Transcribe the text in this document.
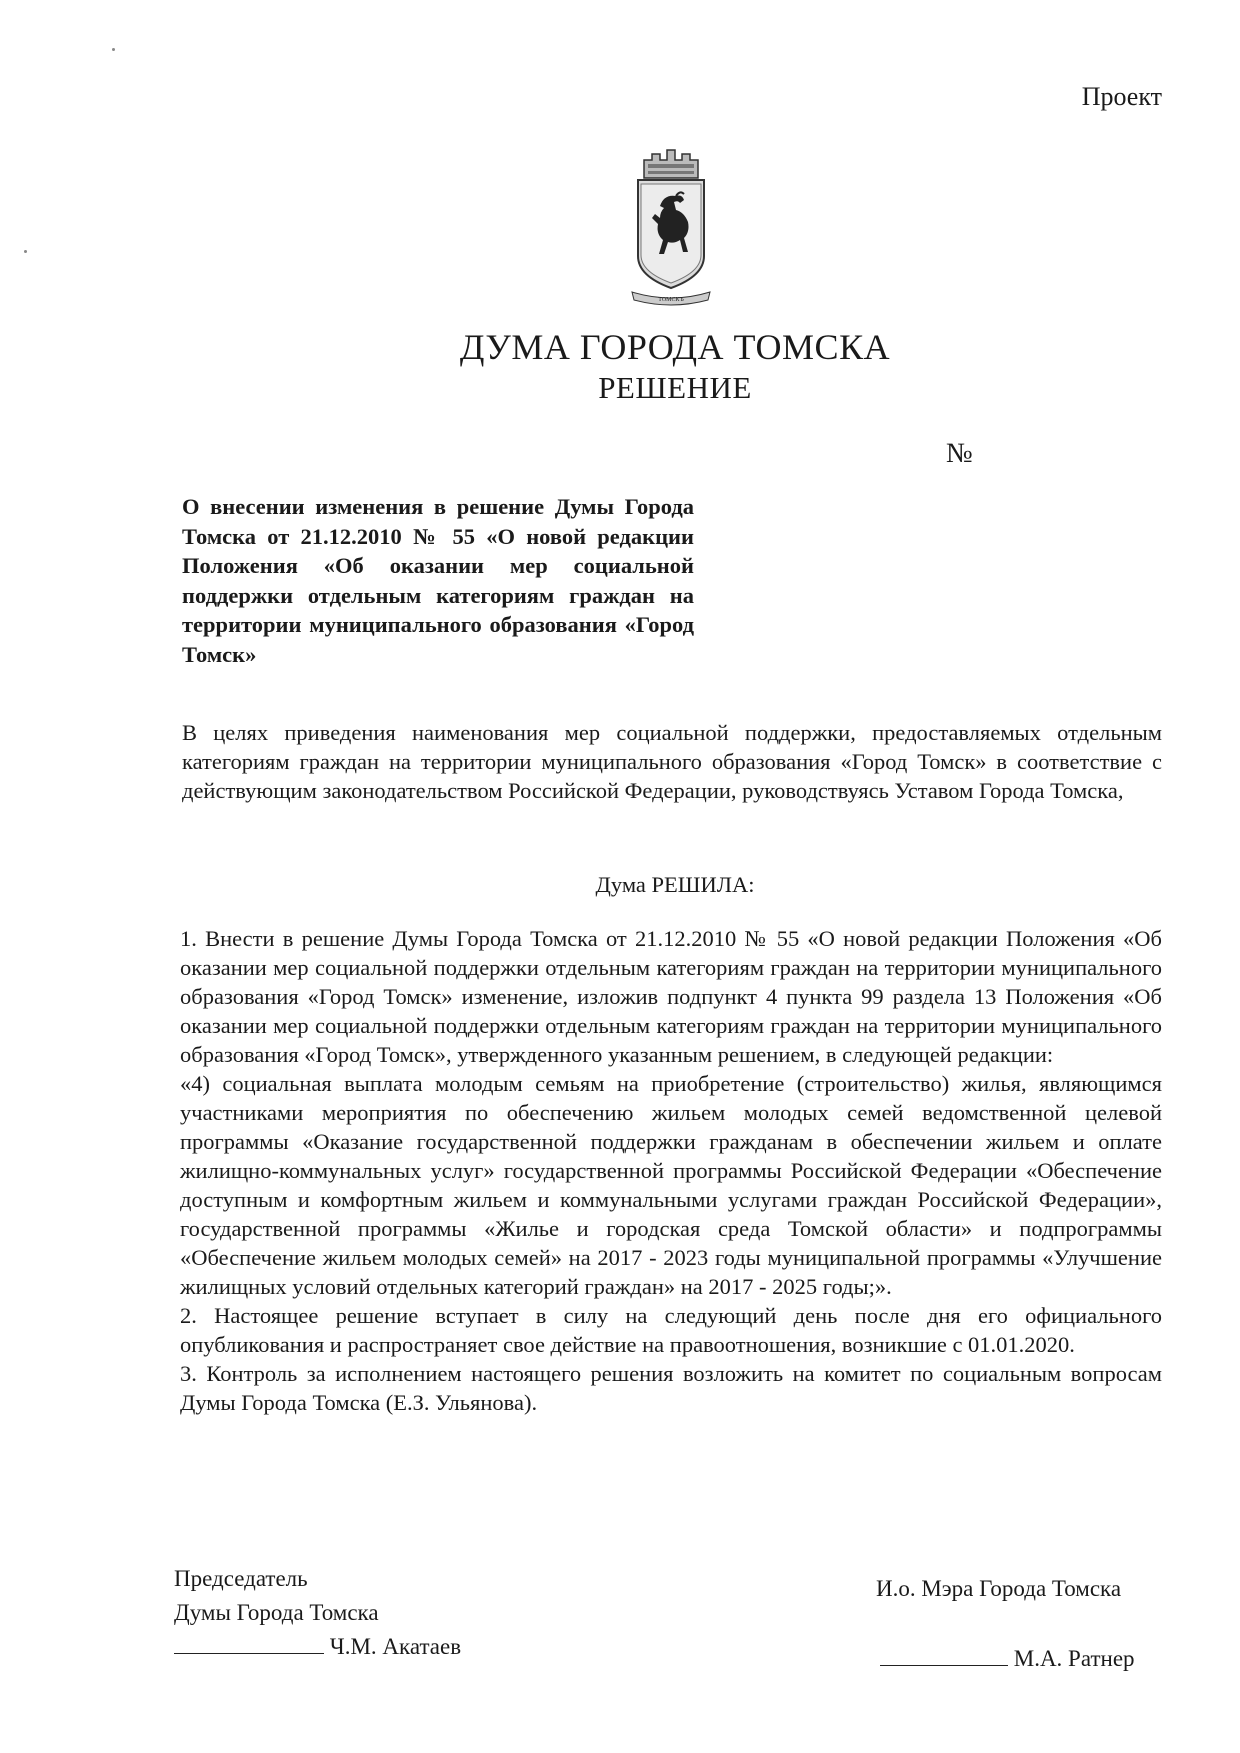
Проект
ТОМСКЪ
ДУМА ГОРОДА ТОМСКА
РЕШЕНИЕ
№
О внесении изменения в решение Думы Города Томска от 21.12.2010 № 55 «О новой редакции Положения «Об оказании мер социальной поддержки отдельным категориям граждан на территории муниципального образования «Город Томск»
В целях приведения наименования мер социальной поддержки, предоставляемых отдельным категориям граждан на территории муниципального образования «Город Томск» в соответствие с действующим законодательством Российской Федерации, руководствуясь Уставом Города Томска,
Дума РЕШИЛА:

1. Внести в решение Думы Города Томска от 21.12.2010 № 55 «О новой редакции Положения «Об оказании мер социальной поддержки отдельным категориям граждан на территории муниципального образования «Город Томск» изменение, изложив подпункт 4 пункта 99 раздела 13 Положения «Об оказании мер социальной поддержки отдельным категориям граждан на территории муниципального образования «Город Томск», утвержденного указанным решением, в следующей редакции:

«4) социальная выплата молодым семьям на приобретение (строительство) жилья, являющимся участниками мероприятия по обеспечению жильем молодых семей ведомственной целевой программы «Оказание государственной поддержки гражданам в обеспечении жильем и оплате жилищно-коммунальных услуг» государственной программы Российской Федерации «Обеспечение доступным и комфортным жильем и коммунальными услугами граждан Российской Федерации», государственной программы «Жилье и городская среда Томской области» и подпрограммы «Обеспечение жильем молодых семей» на 2017 - 2023 годы муниципальной программы «Улучшение жилищных условий отдельных категорий граждан» на 2017 - 2025 годы;».

2. Настоящее решение вступает в силу на следующий день после дня его официального опубликования и распространяет свое действие на правоотношения, возникшие с 01.01.2020.

3. Контроль за исполнением настоящего решения возложить на комитет по социальным вопросам Думы Города Томска (Е.З. Ульянова).

Председатель
Думы Города Томска
Ч.М. Акатаев
И.о. Мэра Города Томска
М.А. Ратнер
